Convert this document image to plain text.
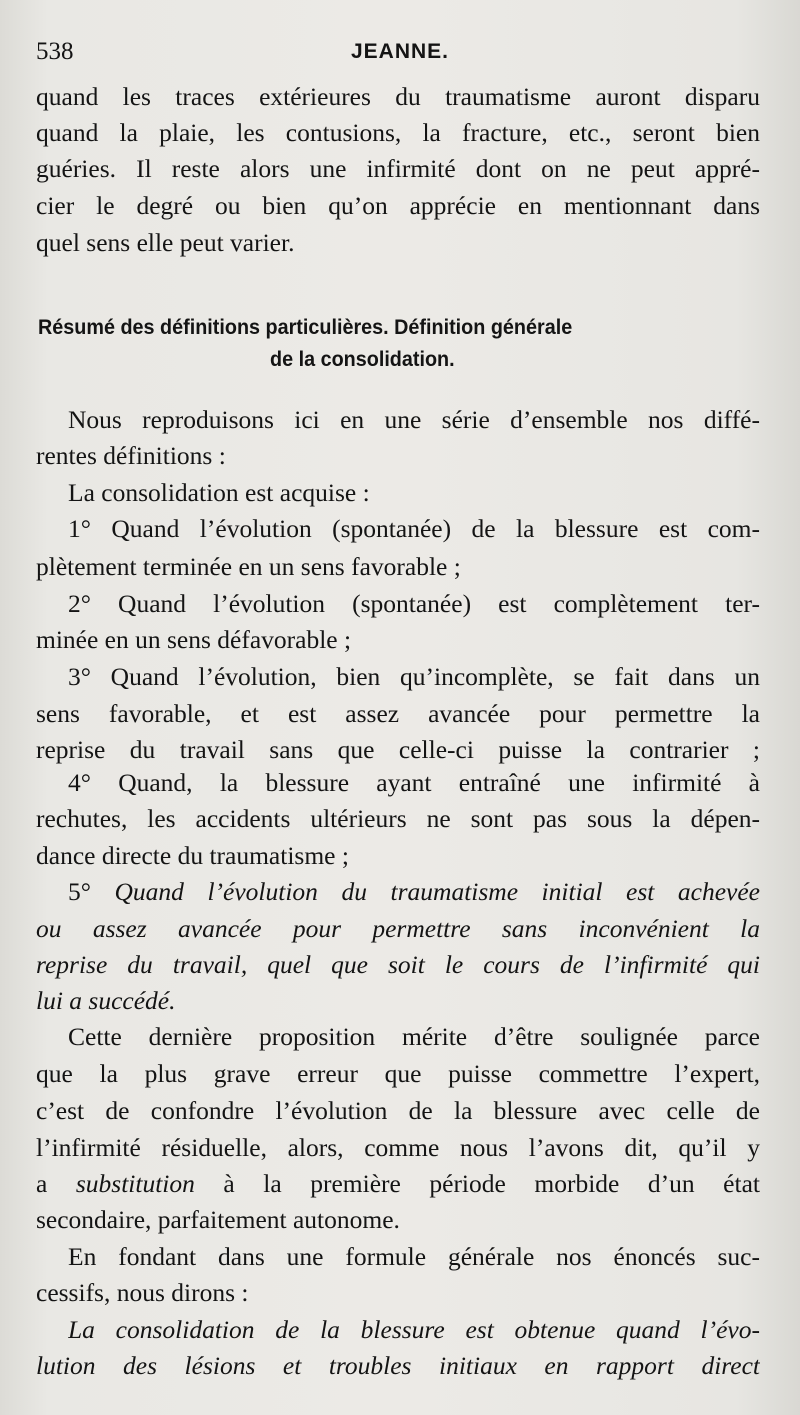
538	JEANNE.
quand les traces extérieures du traumatisme auront disparu
quand la plaie, les contusions, la fracture, etc., seront bien
guéries. Il reste alors une infirmité dont on ne peut appré-
cier le degré ou bien qu’on apprécie en mentionnant dans
quel sens elle peut varier.
Résumé des définitions particulières. Définition générale
de la consolidation.
Nous reproduisons ici en une série d’ensemble nos diffé-
rentes définitions :
La consolidation est acquise :
1° Quand l’évolution (spontanée) de la blessure est com-
plètement terminée en un sens favorable ;
2° Quand l’évolution (spontanée) est complètement ter-
minée en un sens défavorable ;
3° Quand l’évolution, bien qu’incomplète, se fait dans un
sens favorable, et est assez avancée pour permettre la
reprise du travail sans que celle-ci puisse la contrarier ;
4° Quand, la blessure ayant entraîné une infirmité à
rechutes, les accidents ultérieurs ne sont pas sous la dépen-
dance directe du traumatisme ;
5° Quand l’évolution du traumatisme initial est achevée
ou assez avancée pour permettre sans inconvénient la
reprise du travail, quel que soit le cours de l’infirmité qui
lui a succédé.
Cette dernière proposition mérite d’être soulignée parce
que la plus grave erreur que puisse commettre l’expert,
c’est de confondre l’évolution de la blessure avec celle de
l’infirmité résiduelle, alors, comme nous l’avons dit, qu’il y
a substitution à la première période morbide d’un état
secondaire, parfaitement autonome.
En fondant dans une formule générale nos énoncés suc-
cessifs, nous dirons :
La consolidation de la blessure est obtenue quand l’évo-
lution des lésions et troubles initiaux en rapport direct
